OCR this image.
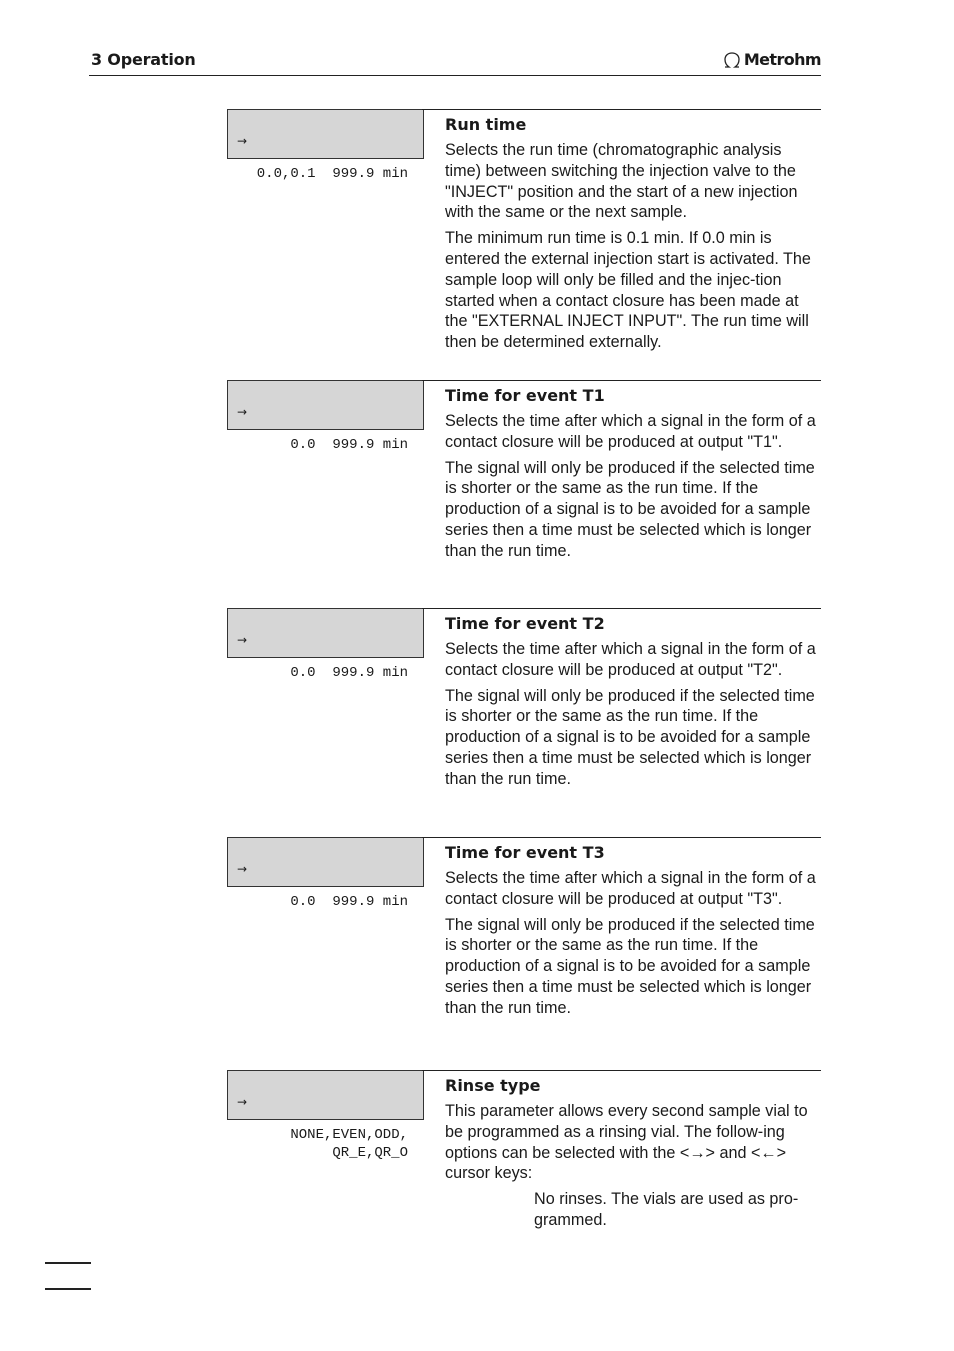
3 Operation	Metrohm
→
0.0,0.1  999.9 min
Run time

Selects the run time (chromatographic analysis time) between switching the injection valve to the "INJECT" position and the start of a new injection with the same or the next sample.

The minimum run time is 0.1 min. If 0.0 min is entered the external injection start is activated. The sample loop will only be filled and the injec-tion started when a contact closure has been made at the "EXTERNAL INJECT INPUT". The run time will then be determined externally.

→
0.0  999.9 min
Time for event T1

Selects the time after which a signal in the form of a contact closure will be produced at output "T1".

The signal will only be produced if the selected time is shorter or the same as the run time. If the production of a signal is to be avoided for a sample series then a time must be selected which is longer than the run time.

→
0.0  999.9 min
Time for event T2

Selects the time after which a signal in the form of a contact closure will be produced at output "T2".

The signal will only be produced if the selected time is shorter or the same as the run time. If the production of a signal is to be avoided for a sample series then a time must be selected which is longer than the run time.

→
0.0  999.9 min
Time for event T3

Selects the time after which a signal in the form of a contact closure will be produced at output "T3".

The signal will only be produced if the selected time is shorter or the same as the run time. If the production of a signal is to be avoided for a sample series then a time must be selected which is longer than the run time.

→
NONE,EVEN,ODD,
QR_E,QR_O
Rinse type

This parameter allows every second sample vial to be programmed as a rinsing vial. The follow-ing options can be selected with the <→> and <←> cursor keys:

No rinses. The vials are used as pro-grammed.
